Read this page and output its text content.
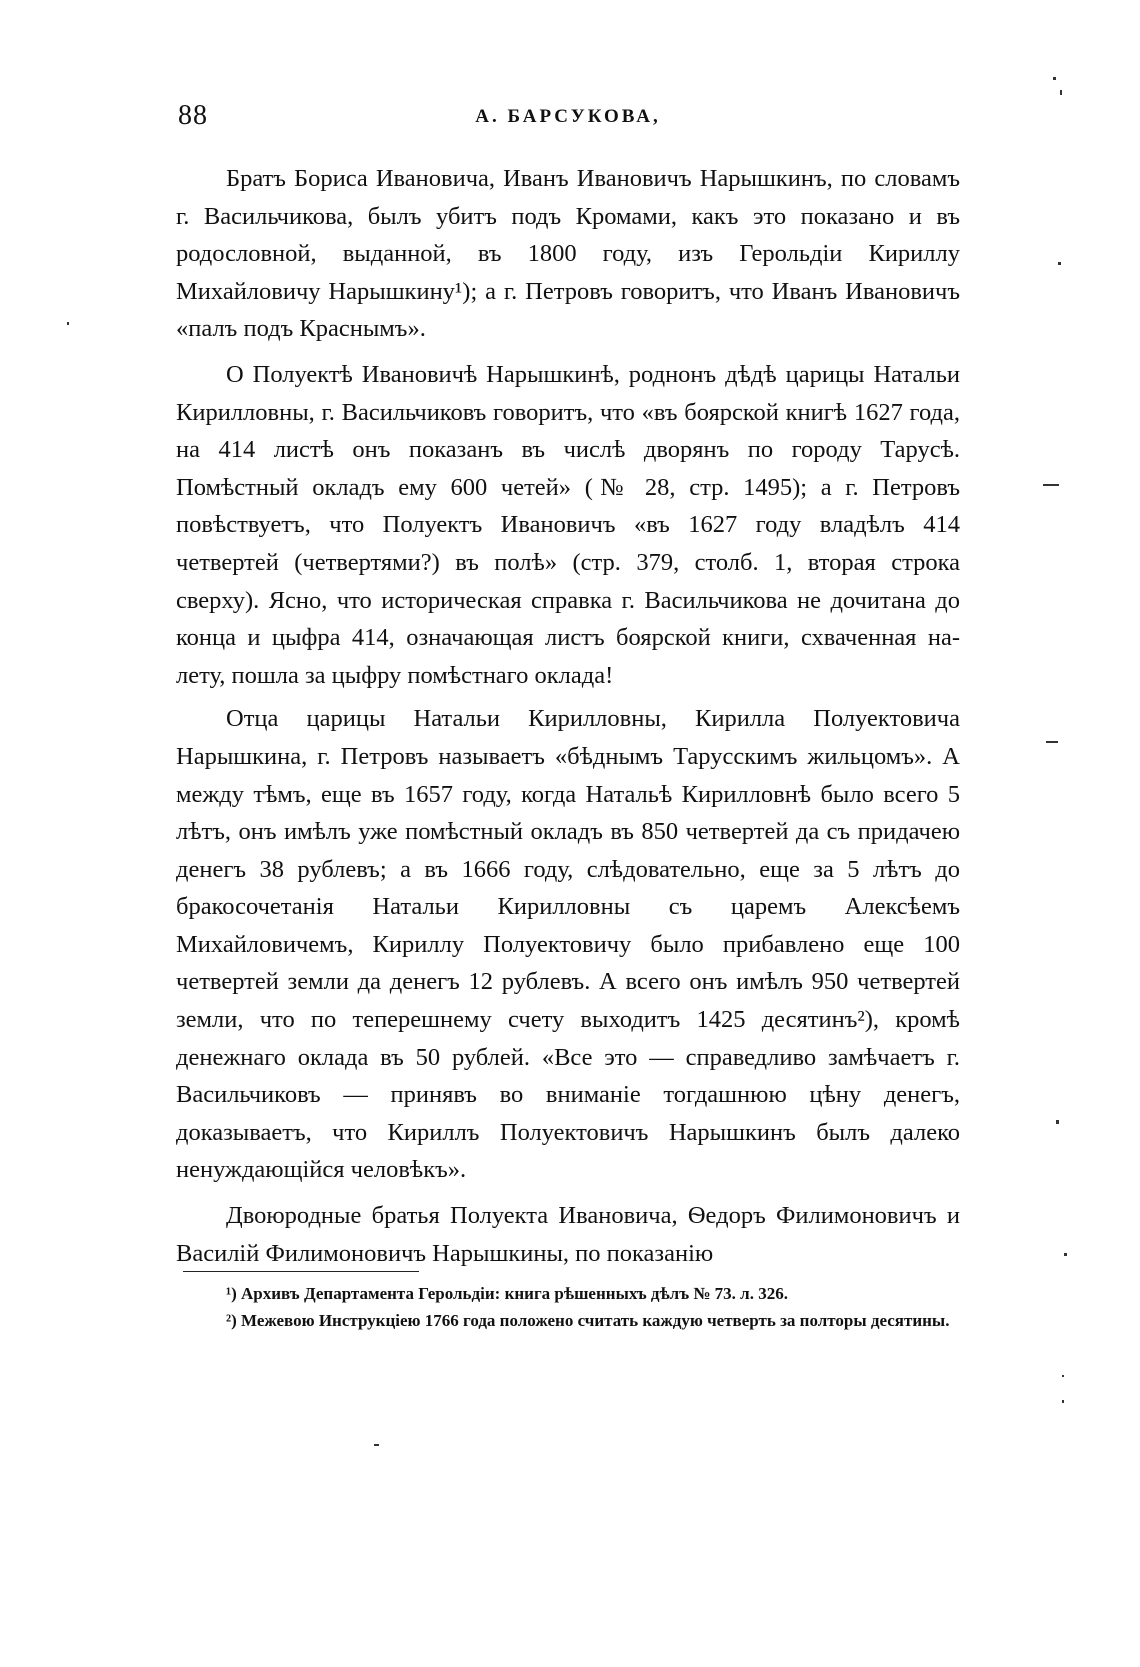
88	А. БАРСУКОВА,

Братъ Бориса Ивановича, Иванъ Ивановичъ Нарышкинъ, по словамъ г. Васильчикова, былъ убитъ подъ Кромами, какъ это показано и въ родословной, выданной, въ 1800 году, изъ Герольдіи Кириллу Михайловичу Нарышкину¹); а г. Петровъ говоритъ, что Иванъ Ивановичъ «палъ подъ Краснымъ».

О Полуектѣ Ивановичѣ Нарышкинѣ, роднонъ дѣдѣ царицы Натальи Кирилловны, г. Васильчиковъ говоритъ, что «въ боярской книгѣ 1627 года, на 414 листѣ онъ показанъ въ числѣ дворянъ по городу Тарусѣ. Помѣстный окладъ ему 600 четей» (№ 28, стр. 1495); а г. Петровъ повѣствуетъ, что Полуектъ Ивановичъ «въ 1627 году владѣлъ 414 четвертей (четвертями?) въ полѣ» (стр. 379, столб. 1, вторая строка сверху). Ясно, что историческая справка г. Васильчикова не дочитана до конца и цыфра 414, означающая листъ боярской книги, схваченная на-лету, пошла за цыфру помѣстнаго оклада!

Отца царицы Натальи Кирилловны, Кирилла Полуектовича Нарышкина, г. Петровъ называетъ «бѣднымъ Тарусскимъ жильцомъ». А между тѣмъ, еще въ 1657 году, когда Натальѣ Кирилловнѣ было всего 5 лѣтъ, онъ имѣлъ уже помѣстный окладъ въ 850 четвертей да съ придачею денегъ 38 рублевъ; а въ 1666 году, слѣдовательно, еще за 5 лѣтъ до бракосочетанія Натальи Кирилловны съ царемъ Алексѣемъ Михайловичемъ, Кириллу Полуектовичу было прибавлено еще 100 четвертей земли да денегъ 12 рублевъ. А всего онъ имѣлъ 950 четвертей земли, что по теперешнему счету выходитъ 1425 десятинъ²), кромѣ денежнаго оклада въ 50 рублей. «Все это — справедливо замѣчаетъ г. Васильчиковъ — принявъ во вниманіе тогдашнюю цѣну денегъ, доказываетъ, что Кириллъ Полуектовичъ Нарышкинъ былъ далеко ненуждающійся человѣкъ».

Двоюродные братья Полуекта Ивановича, Ѳедоръ Филимоновичъ и Василій Филимоновичъ Нарышкины, по показанію

¹) Архивъ Департамента Герольдіи: книга рѣшенныхъ дѣлъ № 73. л. 326.

²) Межевою Инструкціею 1766 года положено считать каждую четверть за полторы десятины.
